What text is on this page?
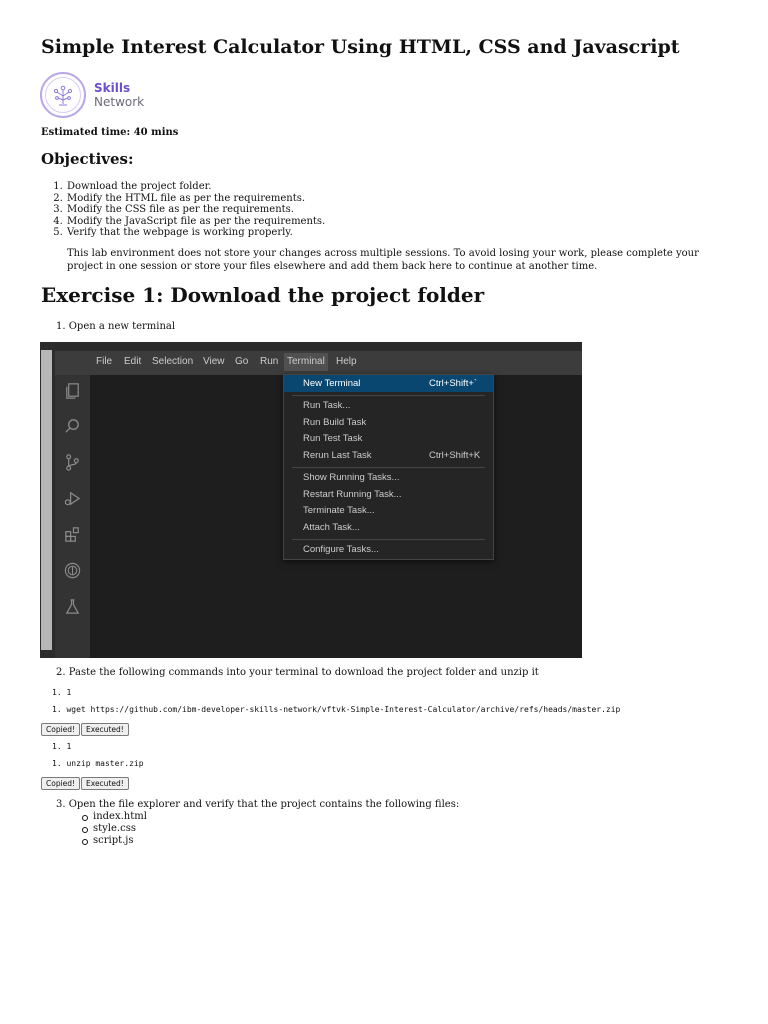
Simple Interest Calculator Using HTML, CSS and Javascript
Skills
Network
Estimated time: 40 mins
Objectives:
1. Download the project folder.
2. Modify the HTML file as per the requirements.
3. Modify the CSS file as per the requirements.
4. Modify the JavaScript file as per the requirements.
5. Verify that the webpage is working properly.
This lab environment does not store your changes across multiple sessions. To avoid losing your work, please complete your
project in one session or store your files elsewhere and add them back here to continue at another time.
Exercise 1: Download the project folder
1. Open a new terminal
File Edit Selection View Go Run Terminal	Help
New Terminal	Ctrl+Shift+`
Run Task...
Run Build Task
Run Test Task
Rerun Last Task	Ctrl+Shift+K
Show Running Tasks...
Restart Running Task...
Terminate Task...
Attach Task...
Configure Tasks...
2. Paste the following commands into your terminal to download the project folder and unzip it
1. 1
1. wget https://github.com/ibm-developer-skills-network/vftvk-Simple-Interest-Calculator/archive/refs/heads/master.zip
Copied!	Executed!
1. 1
1. unzip master.zip
Copied!	Executed!
3. Open the file explorer and verify that the project contains the following files:
index.html
style.css
script.js
